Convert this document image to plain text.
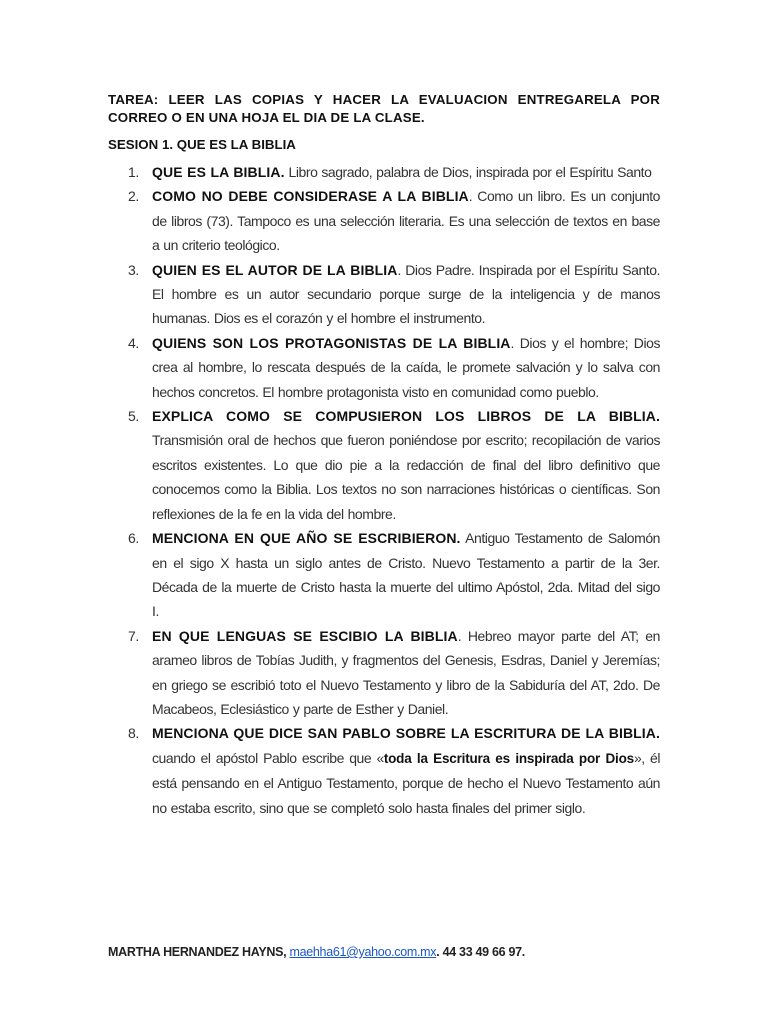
TAREA: LEER LAS COPIAS Y HACER LA EVALUACION ENTREGARELA POR
CORREO O EN UNA HOJA EL DIA DE LA CLASE.
SESION 1. QUE ES LA BIBLIA
1. QUE ES LA BIBLIA. Libro sagrado, palabra de Dios, inspirada por el Espíritu Santo
2. COMO NO DEBE CONSIDERASE A LA BIBLIA. Como un libro. Es un conjunto de libros (73). Tampoco es una selección literaria. Es una selección de textos en base a un criterio teológico.
3. QUIEN ES EL AUTOR DE LA BIBLIA. Dios Padre. Inspirada por el Espíritu Santo. El hombre es un autor secundario porque surge de la inteligencia y de manos humanas. Dios es el corazón y el hombre el instrumento.
4. QUIENS SON LOS PROTAGONISTAS DE LA BIBLIA. Dios y el hombre; Dios crea al hombre, lo rescata después de la caída, le promete salvación y lo salva con hechos concretos. El hombre protagonista visto en comunidad como pueblo.
5. EXPLICA COMO SE COMPUSIERON LOS LIBROS DE LA BIBLIA. Transmisión oral de hechos que fueron poniéndose por escrito; recopilación de varios escritos existentes. Lo que dio pie a la redacción de final del libro definitivo que conocemos como la Biblia. Los textos no son narraciones históricas o científicas. Son reflexiones de la fe en la vida del hombre.
6. MENCIONA EN QUE AÑO SE ESCRIBIERON. Antiguo Testamento de Salomón en el sigo X hasta un siglo antes de Cristo. Nuevo Testamento a partir de la 3er. Década de la muerte de Cristo hasta la muerte del ultimo Apóstol, 2da. Mitad del sigo I.
7. EN QUE LENGUAS SE ESCIBIO LA BIBLIA. Hebreo mayor parte del AT; en arameo libros de Tobías Judith, y fragmentos del Genesis, Esdras, Daniel y Jeremías; en griego se escribió toto el Nuevo Testamento y libro de la Sabiduría del AT, 2do. De Macabeos, Eclesiástico y parte de Esther y Daniel.
8. MENCIONA QUE DICE SAN PABLO SOBRE LA ESCRITURA DE LA BIBLIA. cuando el apóstol Pablo escribe que «toda la Escritura es inspirada por Dios», él está pensando en el Antiguo Testamento, porque de hecho el Nuevo Testamento aún no estaba escrito, sino que se completó solo hasta finales del primer siglo.
MARTHA HERNANDEZ HAYNS, maehha61@yahoo.com.mx. 44 33 49 66 97.
